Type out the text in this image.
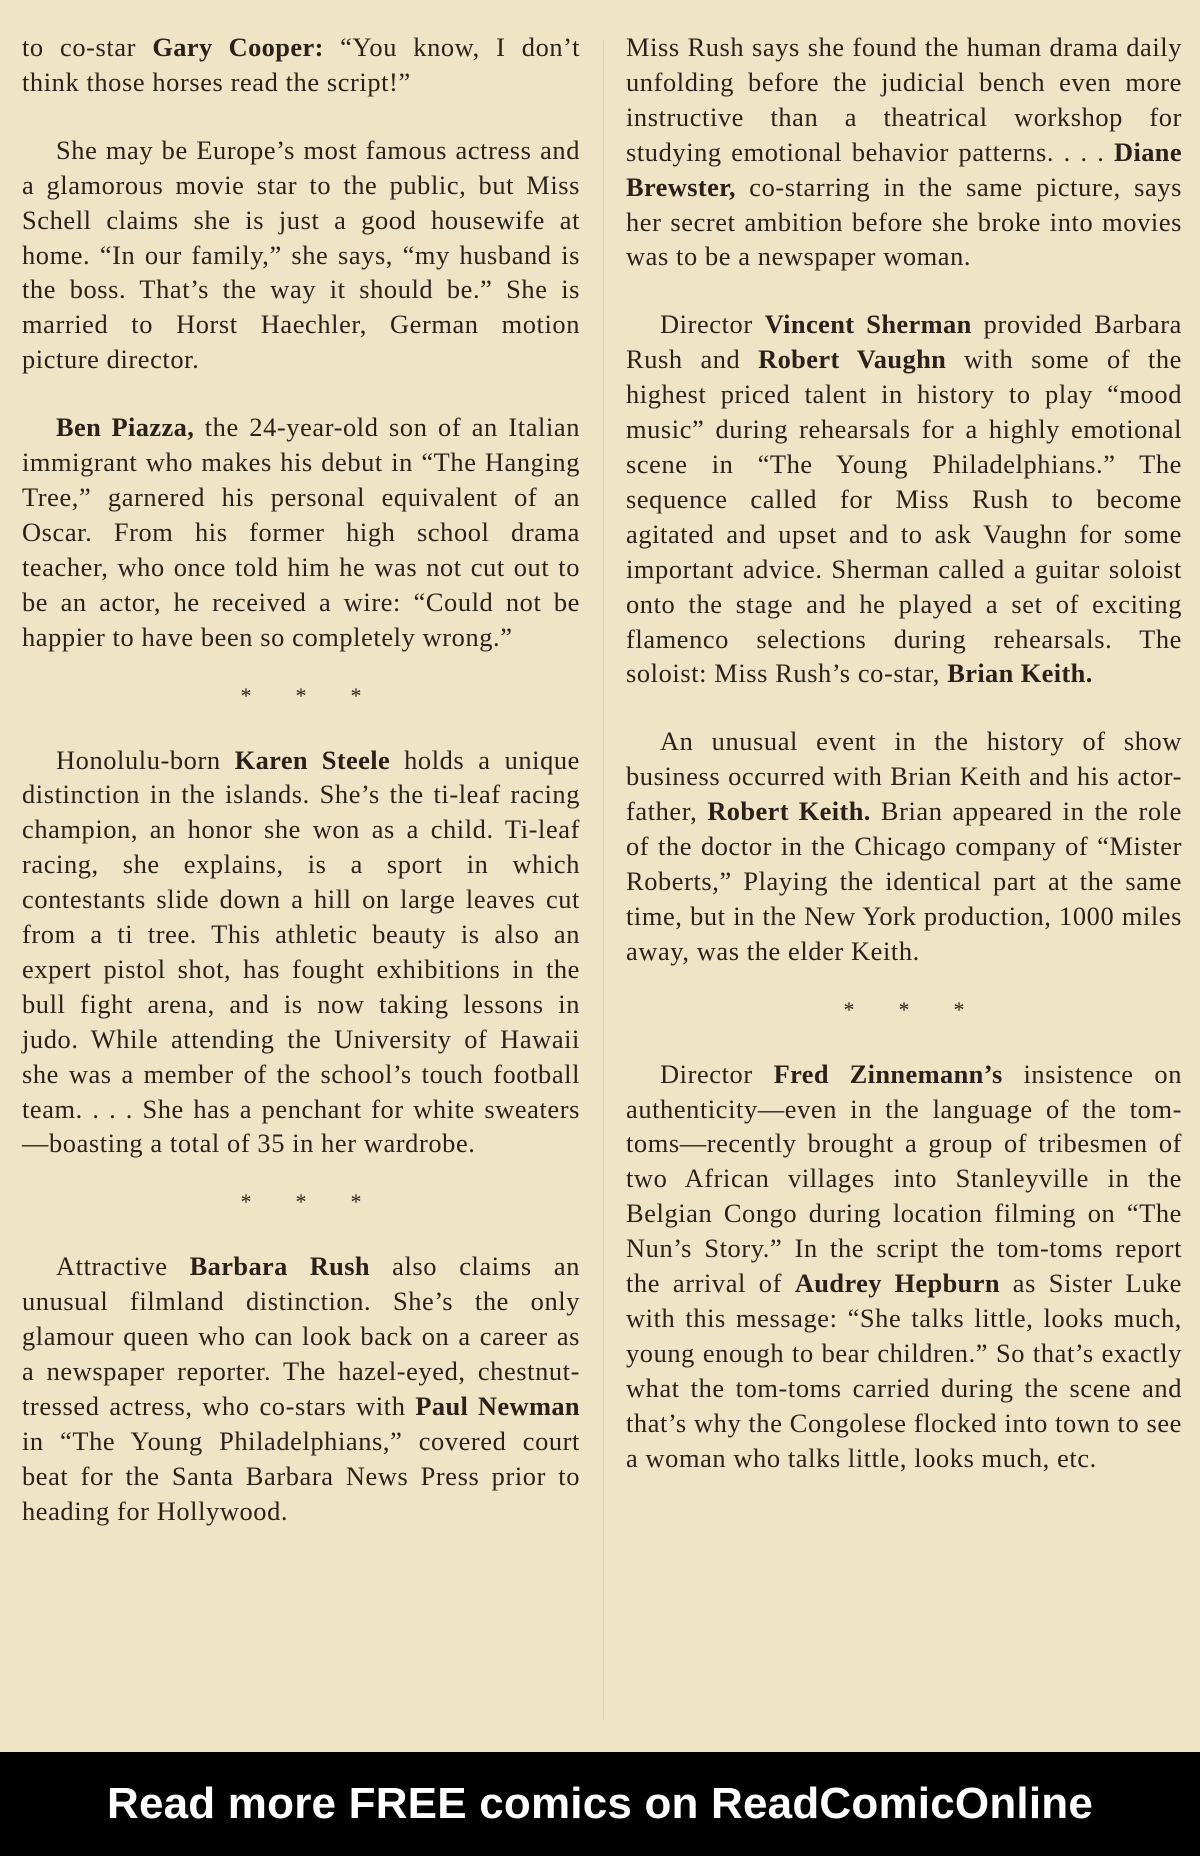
to co-star Gary Cooper: “You know, I don’t think those horses read the script!”

She may be Europe’s most famous actress and a glamorous movie star to the public, but Miss Schell claims she is just a good housewife at home. “In our family,” she says, “my husband is the boss. That’s the way it should be.” She is married to Horst Haechler, German motion picture director.

Ben Piazza, the 24-year-old son of an Italian immigrant who makes his debut in “The Hanging Tree,” garnered his personal equivalent of an Oscar. From his former high school drama teacher, who once told him he was not cut out to be an actor, he received a wire: “Could not be happier to have been so completely wrong.”

* * *

Honolulu-born Karen Steele holds a unique distinction in the islands. She’s the ti-leaf racing champion, an honor she won as a child. Ti-leaf racing, she explains, is a sport in which contestants slide down a hill on large leaves cut from a ti tree. This athletic beauty is also an expert pistol shot, has fought exhibitions in the bull fight arena, and is now taking lessons in judo. While attending the University of Hawaii she was a member of the school’s touch football team. . . . She has a penchant for white sweaters—boasting a total of 35 in her wardrobe.

* * *

Attractive Barbara Rush also claims an unusual filmland distinction. She’s the only glamour queen who can look back on a career as a newspaper reporter. The hazel-eyed, chestnut-tressed actress, who co-stars with Paul Newman in “The Young Philadelphians,” covered court beat for the Santa Barbara News Press prior to heading for Hollywood.

Miss Rush says she found the human drama daily unfolding before the judicial bench even more instructive than a theatrical workshop for studying emotional behavior patterns. . . . Diane Brewster, co-starring in the same picture, says her secret ambition before she broke into movies was to be a newspaper woman.

Director Vincent Sherman provided Barbara Rush and Robert Vaughn with some of the highest priced talent in history to play “mood music” during rehearsals for a highly emotional scene in “The Young Philadelphians.” The sequence called for Miss Rush to become agitated and upset and to ask Vaughn for some important advice. Sherman called a guitar soloist onto the stage and he played a set of exciting flamenco selections during rehearsals. The soloist: Miss Rush’s co-star, Brian Keith.

An unusual event in the history of show business occurred with Brian Keith and his actor-father, Robert Keith. Brian appeared in the role of the doctor in the Chicago company of “Mister Roberts,” Playing the identical part at the same time, but in the New York production, 1000 miles away, was the elder Keith.

* * *

Director Fred Zinnemann’s insistence on authenticity—even in the language of the tom-toms—recently brought a group of tribesmen of two African villages into Stanleyville in the Belgian Congo during location filming on “The Nun’s Story.” In the script the tom-toms report the arrival of Audrey Hepburn as Sister Luke with this message: “She talks little, looks much, young enough to bear children.” So that’s exactly what the tom-toms carried during the scene and that’s why the Congolese flocked into town to see a woman who talks little, looks much, etc.

Read more FREE comics on ReadComicOnline
